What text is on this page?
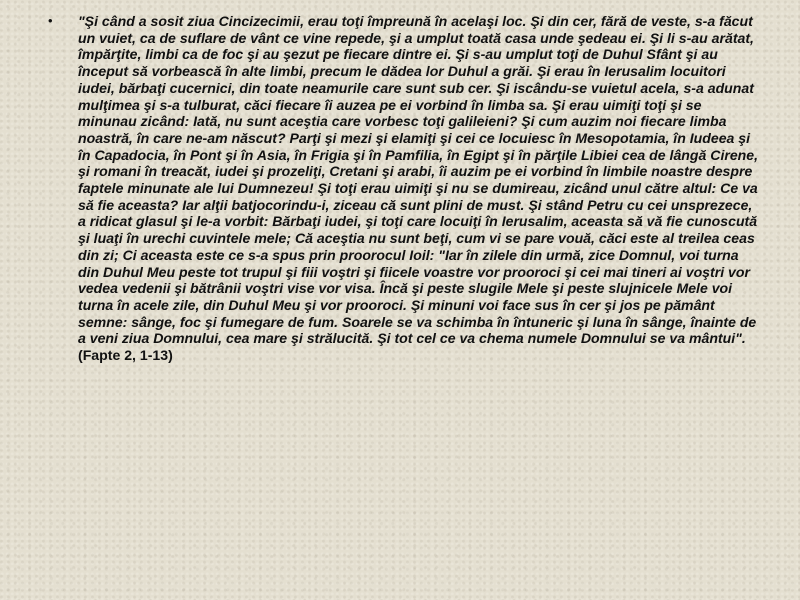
•	"Şi când a sosit ziua Cincizecimii, erau toţi împreună în acelaşi loc. Şi din cer, fără de veste, s-a făcut un vuiet, ca de suflare de vânt ce vine repede, şi a umplut toată casa unde şedeau ei. Şi li s-au arătat, împărţite, limbi ca de foc şi au şezut pe fiecare dintre ei. Şi s-au umplut toţi de Duhul Sfânt şi au început să vorbească în alte limbi, precum le dădea lor Duhul a grăi. Şi erau în Ierusalim locuitori iudei, bărbaţi cucernici, din toate neamurile care sunt sub cer. Şi iscându-se vuietul acela, s-a adunat mulţimea şi s-a tulburat, căci fiecare îi auzea pe ei vorbind în limba sa. Şi erau uimiţi toţi şi se minunau zicând: Iată, nu sunt aceştia care vorbesc toţi galileieni? Şi cum auzim noi fiecare limba noastră, în care ne-am născut? Parţi şi mezi şi elamiţi şi cei ce locuiesc în Mesopotamia, în Iudeea şi în Capadocia, în Pont şi în Asia, în Frigia şi în Pamfilia, în Egipt şi în părţile Libiei cea de lângă Cirene, şi romani în treacăt, iudei şi prozeliţi, Cretani şi arabi, îi auzim pe ei vorbind în limbile noastre despre faptele minunate ale lui Dumnezeu! Şi toţi erau uimiţi şi nu se dumireau, zicând unul către altul: Ce va să fie aceasta? Iar alţii batjocorindu-i, ziceau că sunt plini de must. Şi stând Petru cu cei unsprezece, a ridicat glasul şi le-a vorbit: Bărbaţi iudei, şi toţi care locuiţi în Ierusalim, aceasta să vă fie cunoscută şi luaţi în urechi cuvintele mele; Că aceştia nu sunt beţi, cum vi se pare vouă, căci este al treilea ceas din zi; Ci aceasta este ce s-a spus prin proorocul Ioil: "Iar în zilele din urmă, zice Domnul, voi turna din Duhul Meu peste tot trupul şi fiii voştri şi fiicele voastre vor prooroci şi cei mai tineri ai voştri vor vedea vedenii şi bătrânii voştri vise vor visa. Încă şi peste slugile Mele şi peste slujnicele Mele voi turna în acele zile, din Duhul Meu şi vor prooroci. Şi minuni voi face sus în cer şi jos pe pământ semne: sânge, foc şi fumegare de fum. Soarele se va schimba în întuneric şi luna în sânge, înainte de a veni ziua Domnului, cea mare şi strălucită. Şi tot cel ce va chema numele Domnului se va mântui". (Fapte 2, 1-13)
